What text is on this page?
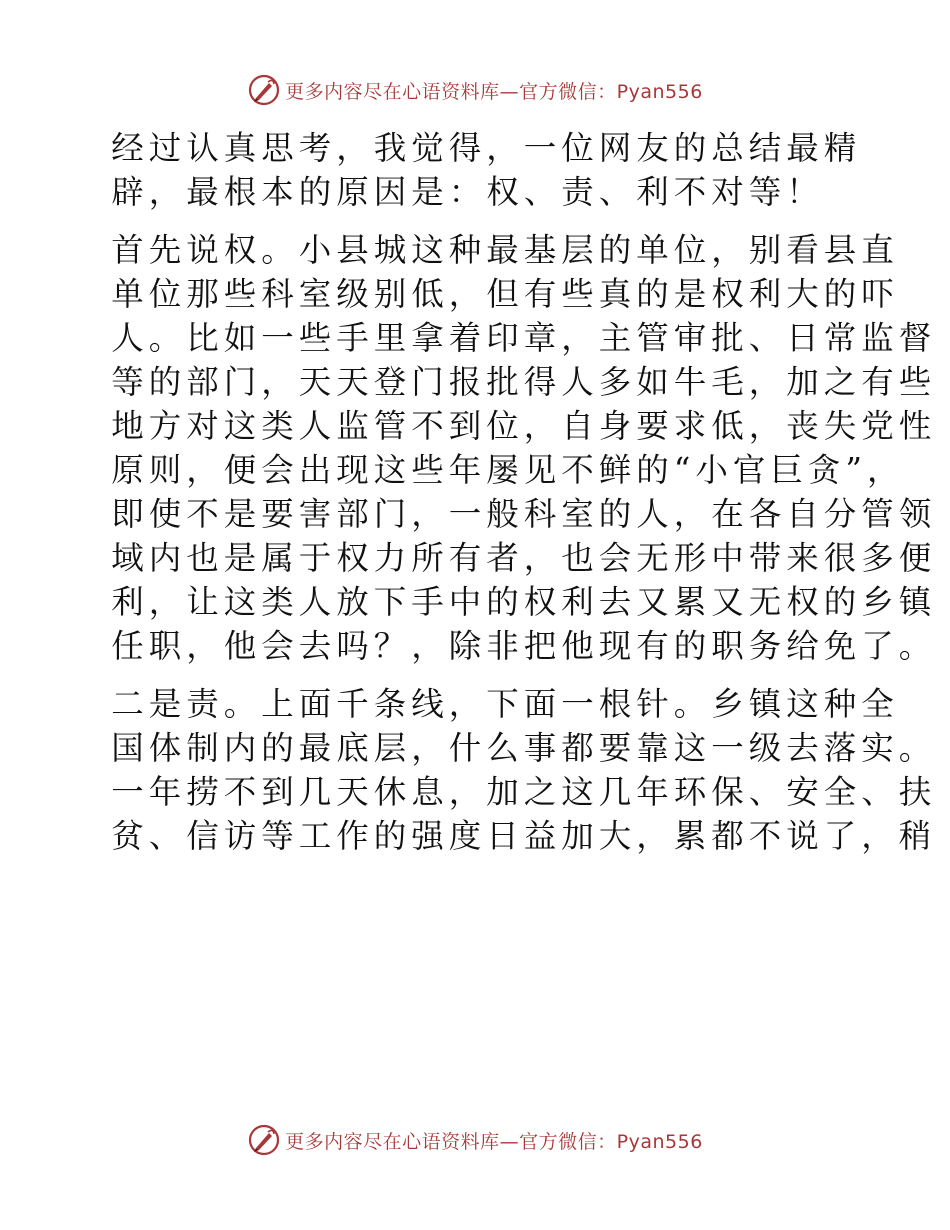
更多内容尽在心语资料库—官方微信：Pyan556

经过认真思考，我觉得，一位网友的总结最精
辟，最根本的原因是：权、责、利不对等！

首先说权。小县城这种最基层的单位，别看县直
单位那些科室级别低，但有些真的是权利大的吓
人。比如一些手里拿着印章，主管审批、日常监督
等的部门，天天登门报批得人多如牛毛，加之有些
地方对这类人监管不到位，自身要求低，丧失党性
原则，便会出现这些年屡见不鲜的“小官巨贪”，
即使不是要害部门，一般科室的人，在各自分管领
域内也是属于权力所有者，也会无形中带来很多便
利，让这类人放下手中的权利去又累又无权的乡镇
任职，他会去吗？，除非把他现有的职务给免了。

二是责。上面千条线，下面一根针。乡镇这种全
国体制内的最底层，什么事都要靠这一级去落实。
一年捞不到几天休息，加之这几年环保、安全、扶
贫、信访等工作的强度日益加大，累都不说了，稍

更多内容尽在心语资料库—官方微信：Pyan556
